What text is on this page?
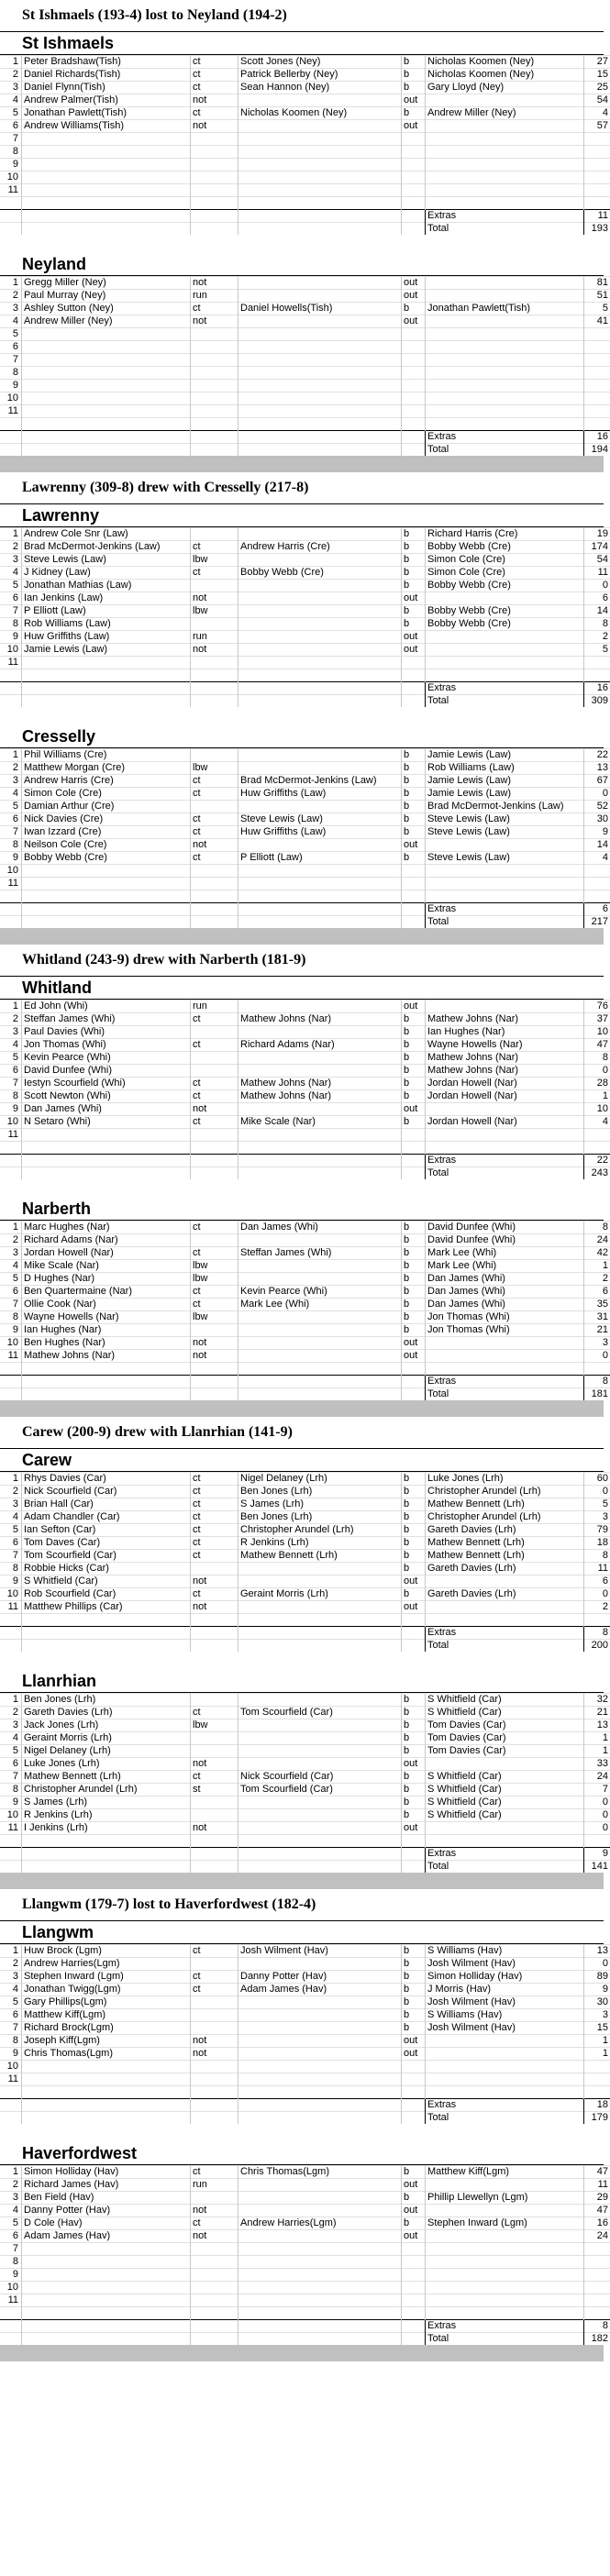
St Ishmaels (193-4) lost to Neyland (194-2)
St Ishmaels
1	Peter Bradshaw(Tish)	ct	Scott Jones (Ney)	b	Nicholas Koomen (Ney)	27
2	Daniel Richards(Tish)	ct	Patrick Bellerby (Ney)	b	Nicholas Koomen (Ney)	15
3	Daniel Flynn(Tish)	ct	Sean Hannon (Ney)	b	Gary Lloyd (Ney)	25
4	Andrew Palmer(Tish)	not		out		54
5	Jonathan Pawlett(Tish)	ct	Nicholas Koomen (Ney)	b	Andrew Miller (Ney)	4
6	Andrew Williams(Tish)	not		out		57
7						
8						
9						
10						
11						

					Extras	11
					Total	193
Neyland
1	Gregg Miller (Ney)	not		out		81
2	Paul Murray (Ney)	run		out		51
3	Ashley Sutton (Ney)	ct	Daniel Howells(Tish)	b	Jonathan Pawlett(Tish)	5
4	Andrew Miller (Ney)	not		out		41
5						
6						
7						
8						
9						
10						
11						

					Extras	16
					Total	194
Lawrenny (309-8) drew with Cresselly (217-8)
Lawrenny
1	Andrew Cole Snr (Law)			b	Richard Harris (Cre)	19
2	Brad McDermot-Jenkins (Law)	ct	Andrew Harris (Cre)	b	Bobby Webb (Cre)	174
3	Steve Lewis (Law)	lbw		b	Simon Cole (Cre)	54
4	J Kidney (Law)	ct	Bobby Webb (Cre)	b	Simon Cole (Cre)	11
5	Jonathan Mathias (Law)			b	Bobby Webb (Cre)	0
6	Ian Jenkins (Law)	not		out		6
7	P Elliott (Law)	lbw		b	Bobby Webb (Cre)	14
8	Rob Williams (Law)			b	Bobby Webb (Cre)	8
9	Huw Griffiths (Law)	run		out		2
10	Jamie Lewis (Law)	not		out		5
11						

					Extras	16
					Total	309
Cresselly
1	Phil Williams (Cre)			b	Jamie Lewis (Law)	22
2	Matthew Morgan (Cre)	lbw		b	Rob Williams (Law)	13
3	Andrew Harris (Cre)	ct	Brad McDermot-Jenkins (Law)	b	Jamie Lewis (Law)	67
4	Simon Cole (Cre)	ct	Huw Griffiths (Law)	b	Jamie Lewis (Law)	0
5	Damian Arthur (Cre)			b	Brad McDermot-Jenkins (Law)	52
6	Nick Davies (Cre)	ct	Steve Lewis (Law)	b	Steve Lewis (Law)	30
7	Iwan Izzard (Cre)	ct	Huw Griffiths (Law)	b	Steve Lewis (Law)	9
8	Neilson Cole (Cre)	not		out		14
9	Bobby Webb (Cre)	ct	P Elliott (Law)	b	Steve Lewis (Law)	4
10						
11						

					Extras	6
					Total	217
Whitland (243-9) drew with Narberth (181-9)
Whitland
1	Ed John (Whi)	run		out		76
2	Steffan James (Whi)	ct	Mathew Johns (Nar)	b	Mathew Johns (Nar)	37
3	Paul Davies (Whi)			b	Ian Hughes (Nar)	10
4	Jon Thomas (Whi)	ct	Richard Adams (Nar)	b	Wayne Howells (Nar)	47
5	Kevin Pearce (Whi)			b	Mathew Johns (Nar)	8
6	David Dunfee (Whi)			b	Mathew Johns (Nar)	0
7	Iestyn Scourfield (Whi)	ct	Mathew Johns (Nar)	b	Jordan Howell (Nar)	28
8	Scott Newton (Whi)	ct	Mathew Johns (Nar)	b	Jordan Howell (Nar)	1
9	Dan James (Whi)	not		out		10
10	N Setaro (Whi)	ct	Mike Scale (Nar)	b	Jordan Howell (Nar)	4
11						

					Extras	22
					Total	243
Narberth
1	Marc Hughes (Nar)	ct	Dan James (Whi)	b	David Dunfee (Whi)	8
2	Richard Adams (Nar)			b	David Dunfee (Whi)	24
3	Jordan Howell (Nar)	ct	Steffan James (Whi)	b	Mark Lee (Whi)	42
4	Mike Scale (Nar)	lbw		b	Mark Lee (Whi)	1
5	D Hughes (Nar)	lbw		b	Dan James (Whi)	2
6	Ben Quartermaine (Nar)	ct	Kevin Pearce (Whi)	b	Dan James (Whi)	6
7	Ollie Cook (Nar)	ct	Mark Lee (Whi)	b	Dan James (Whi)	35
8	Wayne Howells (Nar)	lbw		b	Jon Thomas (Whi)	31
9	Ian Hughes (Nar)			b	Jon Thomas (Whi)	21
10	Ben Hughes (Nar)	not		out		3
11	Mathew Johns (Nar)	not		out		0

					Extras	8
					Total	181
Carew (200-9) drew with Llanrhian (141-9)
Carew
1	Rhys Davies (Car)	ct	Nigel Delaney (Lrh)	b	Luke Jones (Lrh)	60
2	Nick Scourfield (Car)	ct	Ben Jones (Lrh)	b	Christopher Arundel (Lrh)	0
3	Brian Hall (Car)	ct	S James (Lrh)	b	Mathew Bennett (Lrh)	5
4	Adam Chandler (Car)	ct	Ben Jones (Lrh)	b	Christopher Arundel (Lrh)	3
5	Ian Sefton (Car)	ct	Christopher Arundel (Lrh)	b	Gareth Davies (Lrh)	79
6	Tom Daves (Car)	ct	R Jenkins (Lrh)	b	Mathew Bennett (Lrh)	18
7	Tom Scourfield (Car)	ct	Mathew Bennett (Lrh)	b	Mathew Bennett (Lrh)	8
8	Robbie Hicks (Car)			b	Gareth Davies (Lrh)	11
9	S Whitfield (Car)	not		out		6
10	Rob Scourfield (Car)	ct	Geraint Morris (Lrh)	b	Gareth Davies (Lrh)	0
11	Matthew Phillips (Car)	not		out		2

					Extras	8
					Total	200
Llanrhian
1	Ben Jones (Lrh)			b	S Whitfield (Car)	32
2	Gareth Davies (Lrh)	ct	Tom Scourfield (Car)	b	S Whitfield (Car)	21
3	Jack Jones (Lrh)	lbw		b	Tom Davies (Car)	13
4	Geraint Morris (Lrh)			b	Tom Davies (Car)	1
5	Nigel Delaney (Lrh)			b	Tom Davies (Car)	1
6	Luke Jones (Lrh)	not		out		33
7	Mathew Bennett (Lrh)	ct	Nick Scourfield (Car)	b	S Whitfield (Car)	24
8	Christopher Arundel (Lrh)	st	Tom Scourfield (Car)	b	S Whitfield (Car)	7
9	S James (Lrh)			b	S Whitfield (Car)	0
10	R Jenkins (Lrh)			b	S Whitfield (Car)	0
11	I Jenkins (Lrh)	not		out		0

					Extras	9
					Total	141
Llangwm (179-7) lost to Haverfordwest (182-4)
Llangwm
1	Huw Brock (Lgm)	ct	Josh Wilment (Hav)	b	S Williams (Hav)	13
2	Andrew Harries(Lgm)			b	Josh Wilment (Hav)	0
3	Stephen Inward (Lgm)	ct	Danny Potter (Hav)	b	Simon Holliday (Hav)	89
4	Jonathan Twigg(Lgm)	ct	Adam James (Hav)	b	J Morris (Hav)	9
5	Gary Phillips(Lgm)			b	Josh Wilment (Hav)	30
6	Matthew Kiff(Lgm)			b	S Williams (Hav)	3
7	Richard Brock(Lgm)			b	Josh Wilment (Hav)	15
8	Joseph Kiff(Lgm)	not		out		1
9	Chris Thomas(Lgm)	not		out		1
10						
11						

					Extras	18
					Total	179
Haverfordwest
1	Simon Holliday (Hav)	ct	Chris Thomas(Lgm)	b	Matthew Kiff(Lgm)	47
2	Richard James (Hav)	run		out		11
3	Ben Field (Hav)			b	Phillip Llewellyn (Lgm)	29
4	Danny Potter (Hav)	not		out		47
5	D Cole (Hav)	ct	Andrew Harries(Lgm)	b	Stephen Inward (Lgm)	16
6	Adam James (Hav)	not		out		24
7						
8						
9						
10						
11						

					Extras	8
					Total	182
